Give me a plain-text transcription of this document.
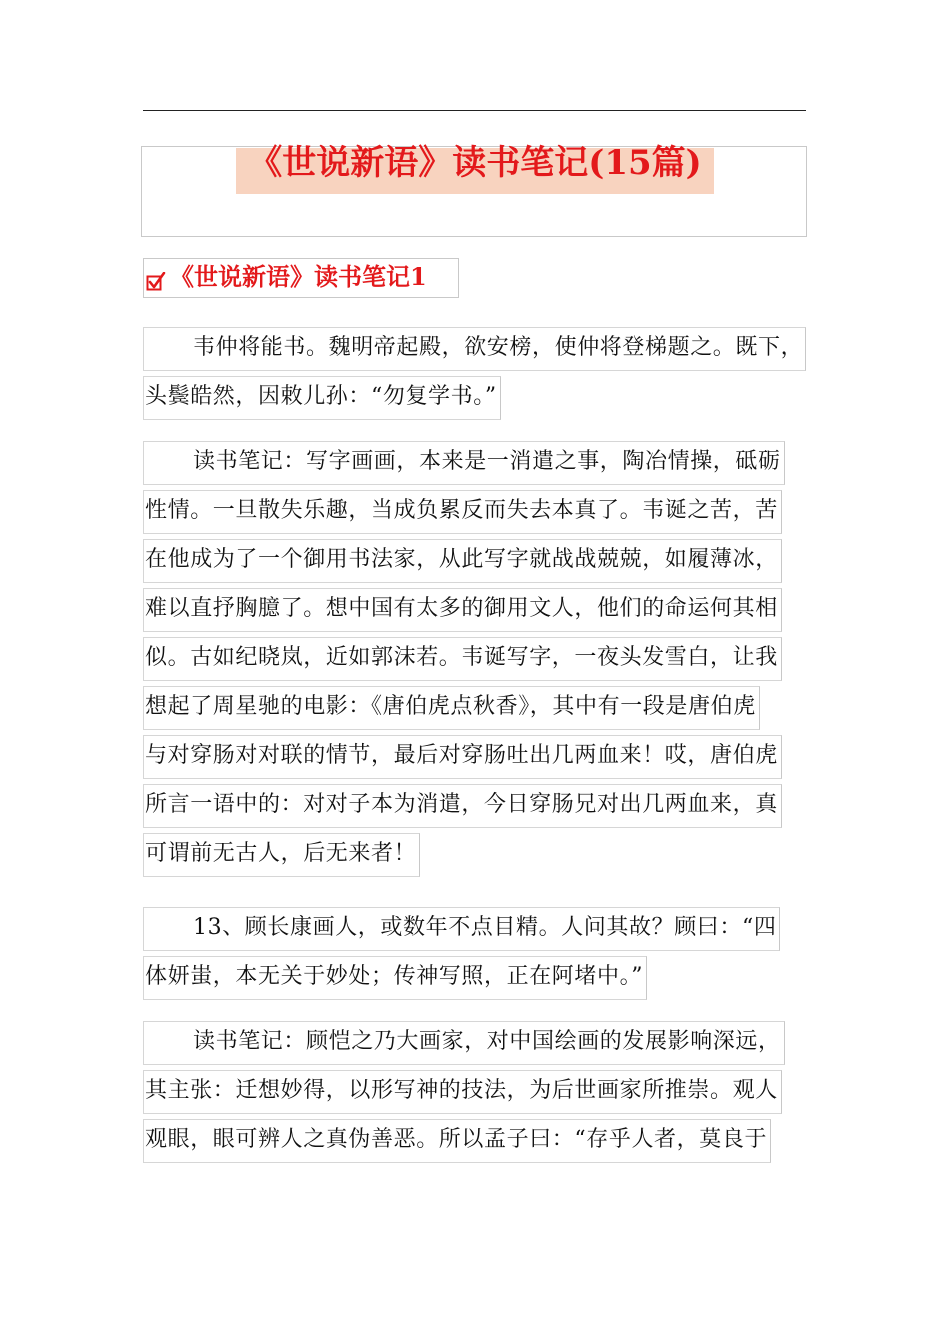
《世说新语》读书笔记(15篇)
《世说新语》读书笔记1
韦仲将能书。魏明帝起殿，欲安榜，使仲将登梯题之。既下，
头鬓皓然，因敕儿孙：“勿复学书。”
读书笔记：写字画画，本来是一消遣之事，陶冶情操，砥砺
性情。一旦散失乐趣，当成负累反而失去本真了。韦诞之苦，苦
在他成为了一个御用书法家，从此写字就战战兢兢，如履薄冰，
难以直抒胸臆了。想中国有太多的御用文人，他们的命运何其相
似。古如纪晓岚，近如郭沫若。韦诞写字，一夜头发雪白，让我
想起了周星驰的电影：《唐伯虎点秋香》，其中有一段是唐伯虎
与对穿肠对对联的情节，最后对穿肠吐出几两血来！哎，唐伯虎
所言一语中的：对对子本为消遣，今日穿肠兄对出几两血来，真
可谓前无古人，后无来者！
13、顾长康画人，或数年不点目精。人问其故？顾曰：“四
体妍蚩，本无关于妙处；传神写照，正在阿堵中。”
读书笔记：顾恺之乃大画家，对中国绘画的发展影响深远，
其主张：迁想妙得，以形写神的技法，为后世画家所推崇。观人
观眼，眼可辨人之真伪善恶。所以孟子曰：“存乎人者，莫良于
